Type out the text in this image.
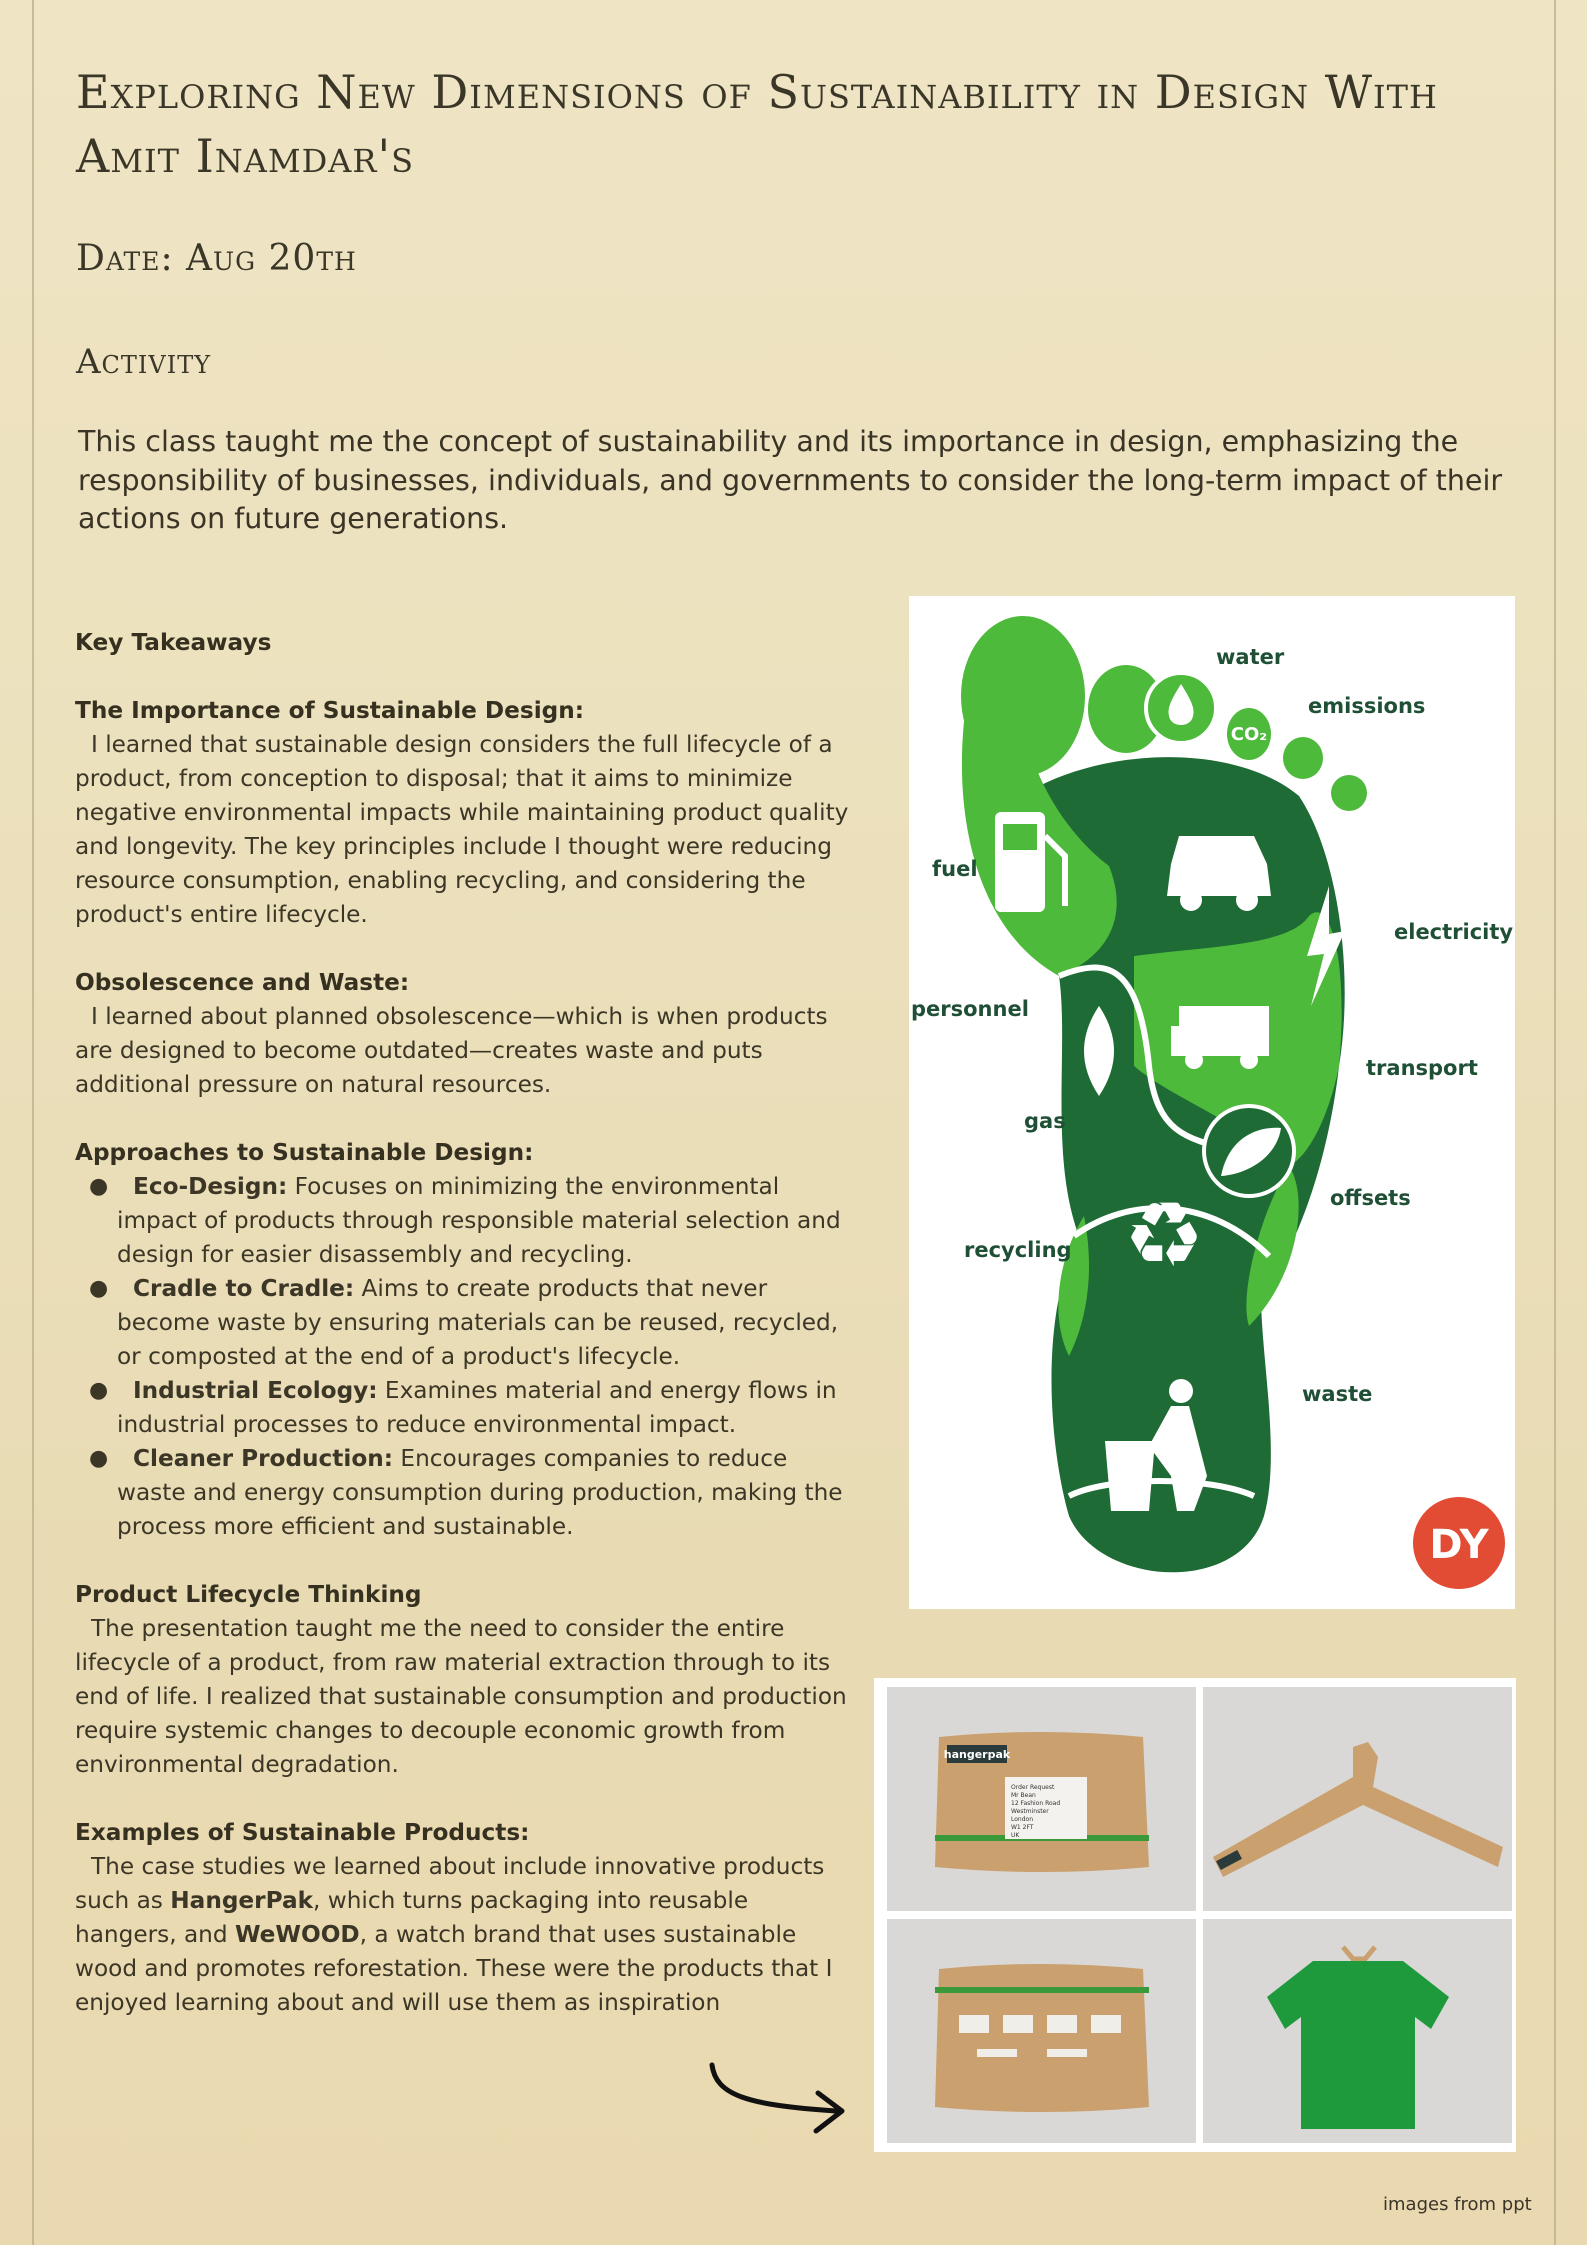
Exploring New Dimensions of Sustainability in Design With Amit Inamdar's
Date: Aug 20th
Activity

This class taught me the concept of sustainability and its importance in design, emphasizing the responsibility of businesses, individuals, and governments to consider the long-term impact of their actions on future generations.

Key Takeaways
The Importance of Sustainable Design:

I learned that sustainable design considers the full lifecycle of a product, from conception to disposal; that it aims to minimize negative environmental impacts while maintaining product quality and longevity. The key principles include I thought were reducing resource consumption, enabling recycling, and considering the product's entire lifecycle.

Obsolescence and Waste:

I learned about planned obsolescence—which is when products are designed to become outdated—creates waste and puts additional pressure on natural resources.

Approaches to Sustainable Design:
● Eco-Design: Focuses on minimizing the environmental impact of products through responsible material selection and design for easier disassembly and recycling.
● Cradle to Cradle: Aims to create products that never become waste by ensuring materials can be reused, recycled, or composted at the end of a product's lifecycle.
● Industrial Ecology: Examines material and energy flows in industrial processes to reduce environmental impact.
● Cleaner Production: Encourages companies to reduce waste and energy consumption during production, making the process more efficient and sustainable.
Product Lifecycle Thinking

The presentation taught me the need to consider the entire lifecycle of a product, from raw material extraction through to its end of life. I realized that sustainable consumption and production require systemic changes to decouple economic growth from environmental degradation.

Examples of Sustainable Products:

The case studies we learned about include innovative products such as HangerPak, which turns packaging into reusable hangers, and WeWOOD, a watch brand that uses sustainable wood and promotes reforestation. These were the products that I enjoyed learning about and will use them as inspiration

CO₂
♻
water
emissions
fuel
electricity
personnel
transport
gas
offsets
recycling
waste
DY
hangerpak
Order Request
Mr Bean
12 Fashion Road
Westminster
London
W1 2FT
UK
images from ppt
